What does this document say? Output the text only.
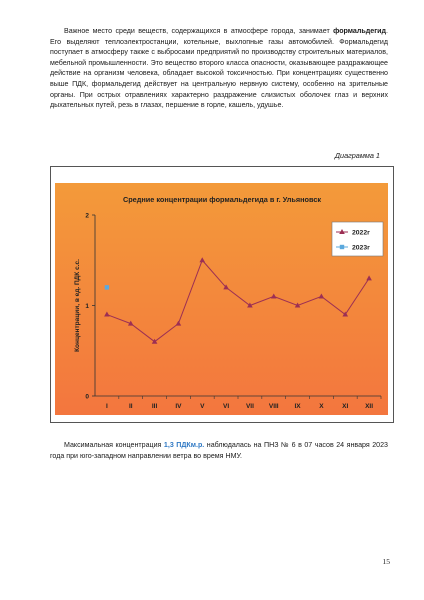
Важное место среди веществ, содержащихся в атмосфере города, занимает формальдегид. Его выделяют теплоэлектростанции, котельные, выхлопные газы автомобилей. Формальдегид поступает в атмосферу также с выбросами предприятий по производству строительных материалов, мебельной промышленности. Это вещество второго класса опасности, оказывающее раздражающее действие на организм человека, обладает высокой токсичностью. При концентрациях существенно выше ПДК, формальдегид действует на центральную нервную систему, особенно на зрительные органы. При острых отравлениях характерно раздражение слизистых оболочек глаз и верхних дыхательных путей, резь в глазах, першение в горле, кашель, удушье.

Диаграмма 1

0
1
2
I	II	III	IV	V	VI	VII VIII IX	X	XI	XII
Концентрации, в ед. ПДК с.с.
2022г
2023г
Средние концентрации формальдегида в г. Ульяновск

Максимальная концентрация 1,3 ПДКм.р. наблюдалась на ПНЗ № 6 в 07 часов 24 января 2023 года при юго-западном направлении ветра во время НМУ.

15
